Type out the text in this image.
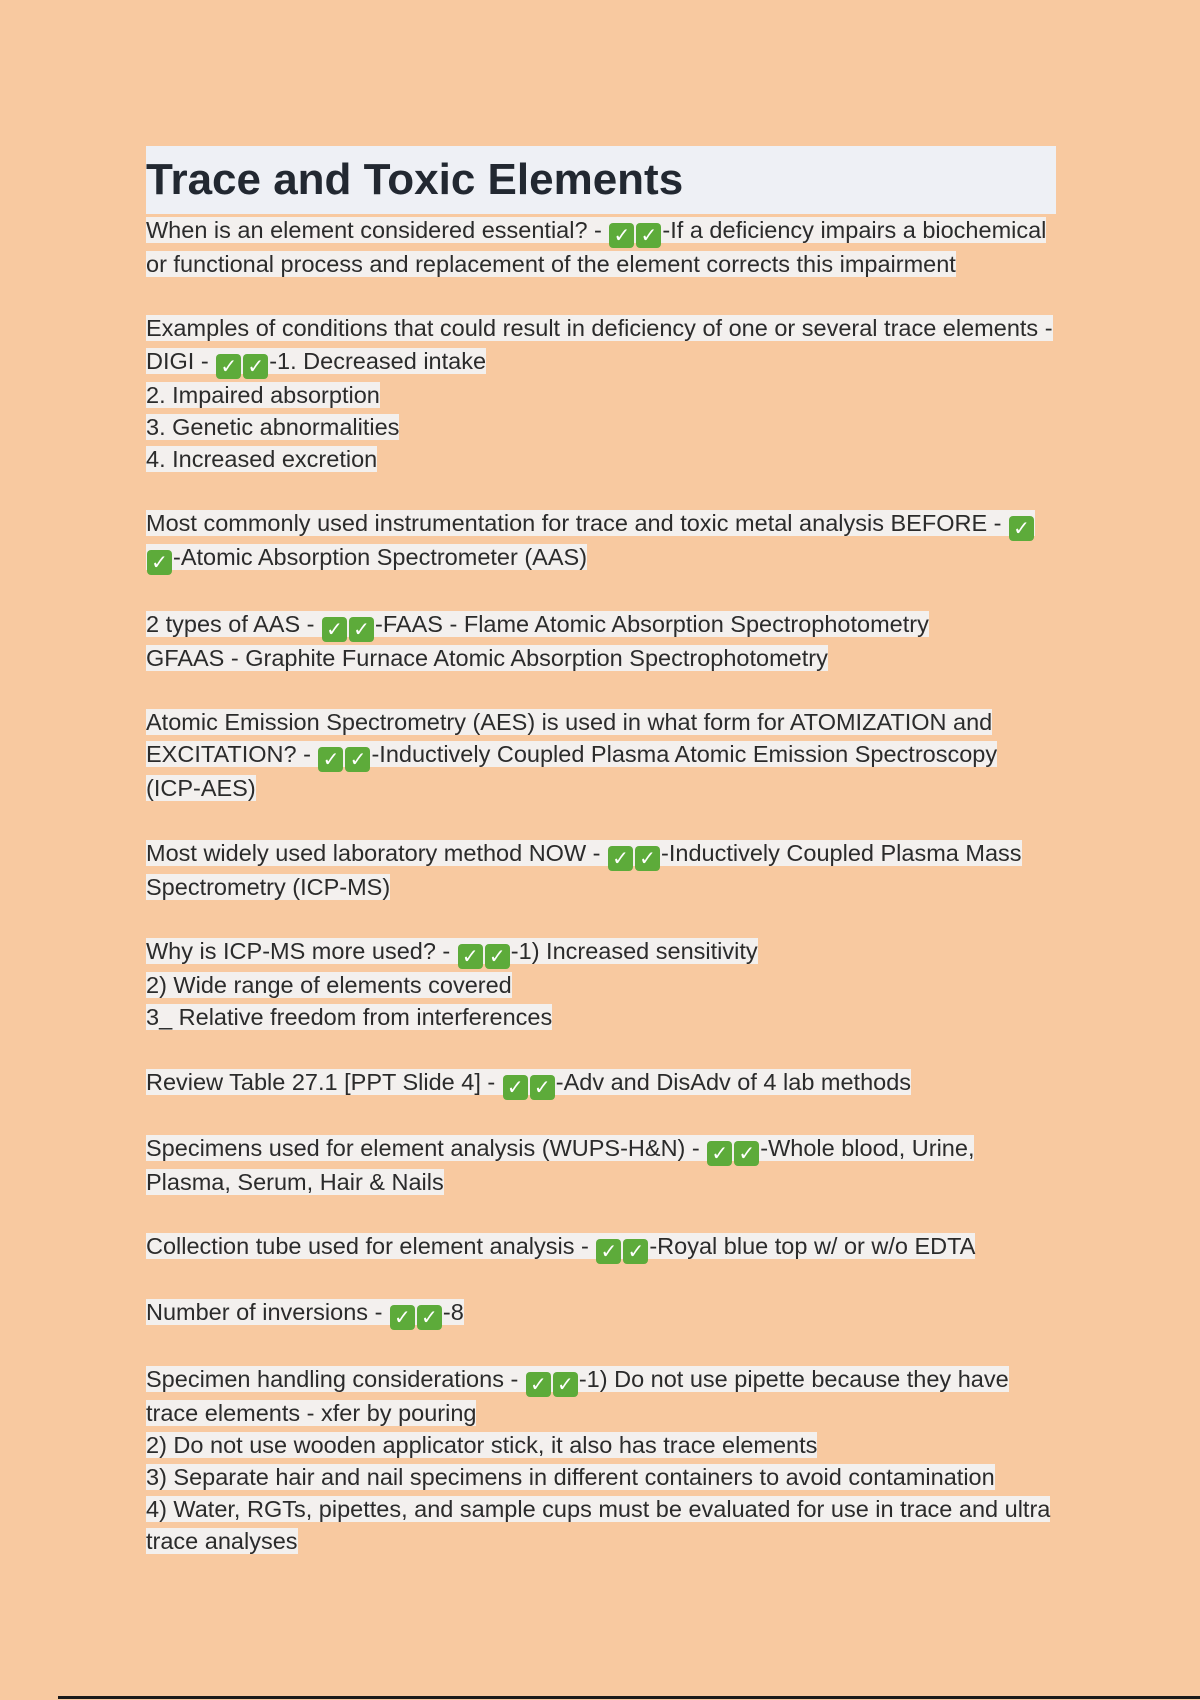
Trace and Toxic Elements

When is an element considered essential? - ✓ ✓ -If a deficiency impairs a biochemical or functional process and replacement of the element corrects this impairment

Examples of conditions that could result in deficiency of one or several trace elements - DIGI - ✓ ✓ -1. Decreased intake

2. Impaired absorption

3. Genetic abnormalities

4. Increased excretion

Most commonly used instrumentation for trace and toxic metal analysis BEFORE - ✓✓ -Atomic Absorption Spectrometer (AAS)

2 types of AAS - ✓ ✓ -FAAS - Flame Atomic Absorption Spectrophotometry

GFAAS - Graphite Furnace Atomic Absorption Spectrophotometry

Atomic Emission Spectrometry (AES) is used in what form for ATOMIZATION and EXCITATION? - ✓ ✓ -Inductively Coupled Plasma Atomic Emission Spectroscopy (ICP-AES)

Most widely used laboratory method NOW - ✓ ✓ -Inductively Coupled Plasma Mass Spectrometry (ICP-MS)

Why is ICP-MS more used? - ✓ ✓ -1) Increased sensitivity

2) Wide range of elements covered

3_ Relative freedom from interferences

Review Table 27.1 [PPT Slide 4] - ✓ ✓ -Adv and DisAdv of 4 lab methods

Specimens used for element analysis (WUPS-H&N) - ✓ ✓ -Whole blood, Urine, Plasma, Serum, Hair & Nails

Collection tube used for element analysis - ✓ ✓ -Royal blue top w/ or w/o EDTA

Number of inversions - ✓ ✓ -8

Specimen handling considerations - ✓ ✓ -1) Do not use pipette because they have trace elements - xfer by pouring

2) Do not use wooden applicator stick, it also has trace elements

3) Separate hair and nail specimens in different containers to avoid contamination

4) Water, RGTs, pipettes, and sample cups must be evaluated for use in trace and ultra trace analyses
